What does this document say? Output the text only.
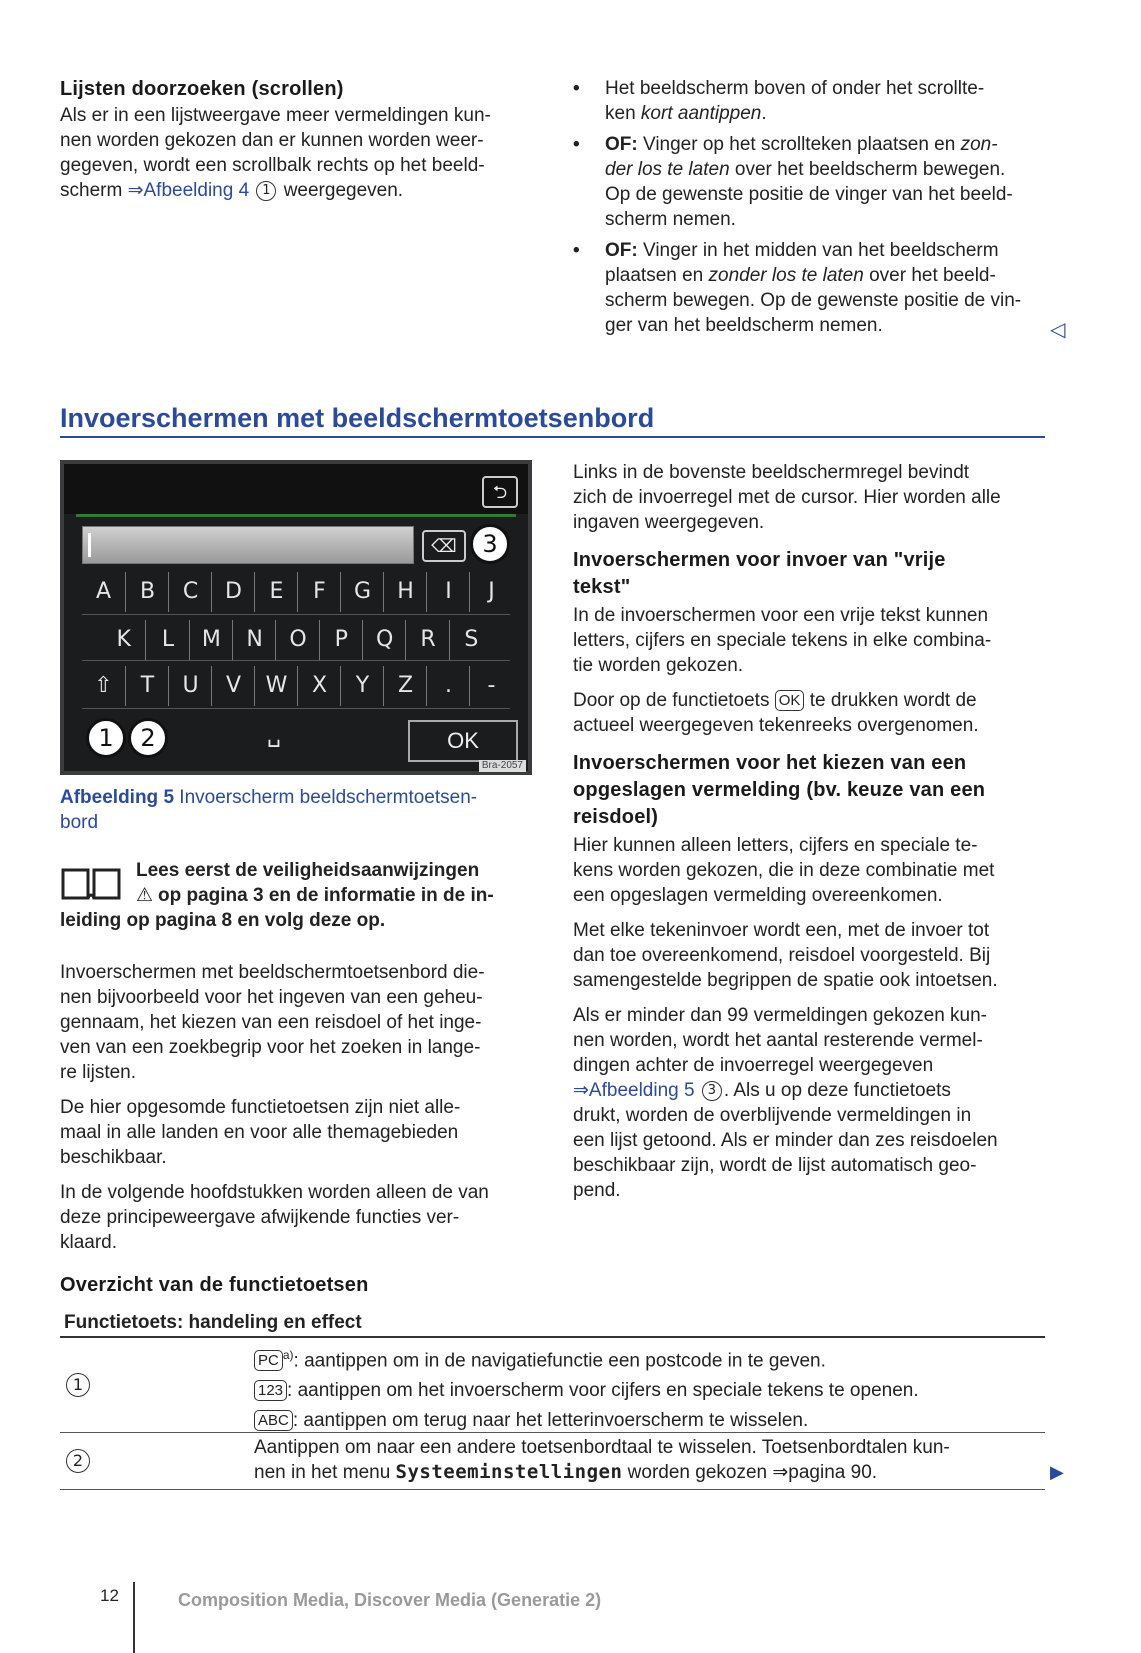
Lijsten doorzoeken (scrollen)

Als er in een lijstweergave meer vermeldingen kun-

nen worden gekozen dan er kunnen worden weer-

gegeven, wordt een scrollbalk rechts op het beeld-

scherm ⇒Afbeelding 4 1 weergegeven.

• Het beeldscherm boven of onder het scrollte-

ken kort aantippen.

• OF: Vinger op het scrollteken plaatsen en zon-

der los te laten over het beeldscherm bewegen.

Op de gewenste positie de vinger van het beeld-

scherm nemen.

• OF: Vinger in het midden van het beeldscherm

plaatsen en zonder los te laten over het beeld-

scherm bewegen. Op de gewenste positie de vin-

ger van het beeldscherm nemen.	◁
Invoerschermen met beeldschermtoetsenbord
⮌
⌫	3
A	B	C	D	E	F	G	H	I	J
K	L	M	N	O	P	Q	R	S
⇧	T	U	V	W	X	Y	Z	.	-
1	2	␣	OK
Bra-2057

Afbeelding 5 Invoerscherm beeldschermtoetsen-

bord

Lees eerst de veiligheidsaanwijzingen

⚠ op pagina 3 en de informatie in de in-

leiding op pagina 8 en volg deze op.

Invoerschermen met beeldschermtoetsenbord die-

nen bijvoorbeeld voor het ingeven van een geheu-

gennaam, het kiezen van een reisdoel of het inge-

ven van een zoekbegrip voor het zoeken in lange-

re lijsten.

De hier opgesomde functietoetsen zijn niet alle-

maal in alle landen en voor alle themagebieden

beschikbaar.

In de volgende hoofdstukken worden alleen de van

deze principeweergave afwijkende functies ver-

klaard.

Links in de bovenste beeldschermregel bevindt

zich de invoerregel met de cursor. Hier worden alle

ingaven weergegeven.

Invoerschermen voor invoer van "vrije
tekst"

In de invoerschermen voor een vrije tekst kunnen

letters, cijfers en speciale tekens in elke combina-

tie worden gekozen.

Door op de functietoets OK te drukken wordt de

actueel weergegeven tekenreeks overgenomen.

Invoerschermen voor het kiezen van een
opgeslagen vermelding (bv. keuze van een
reisdoel)

Hier kunnen alleen letters, cijfers en speciale te-

kens worden gekozen, die in deze combinatie met

een opgeslagen vermelding overeenkomen.

Met elke tekeninvoer wordt een, met de invoer tot

dan toe overeenkomend, reisdoel voorgesteld. Bij

samengestelde begrippen de spatie ook intoetsen.

Als er minder dan 99 vermeldingen gekozen kun-

nen worden, wordt het aantal resterende vermel-

dingen achter de invoerregel weergegeven

⇒Afbeelding 5 3 . Als u op deze functietoets

drukt, worden de overblijvende vermeldingen in

een lijst getoond. Als er minder dan zes reisdoelen

beschikbaar zijn, wordt de lijst automatisch geo-

pend.

Overzicht van de functietoetsen
Functietoets: handeling en effect
1

PC $^{a)}$: aantippen om in de navigatiefunctie een postcode in te geven.

123 : aantippen om het invoerscherm voor cijfers en speciale tekens te openen.

ABC : aantippen om terug naar het letterinvoerscherm te wisselen.

2

Aantippen om naar een andere toetsenbordtaal te wisselen. Toetsenbordtalen kun-

nen in het menu Systeeminstellingen worden gekozen ⇒pagina 90.	▶
12	Composition Media, Discover Media (Generatie 2)
